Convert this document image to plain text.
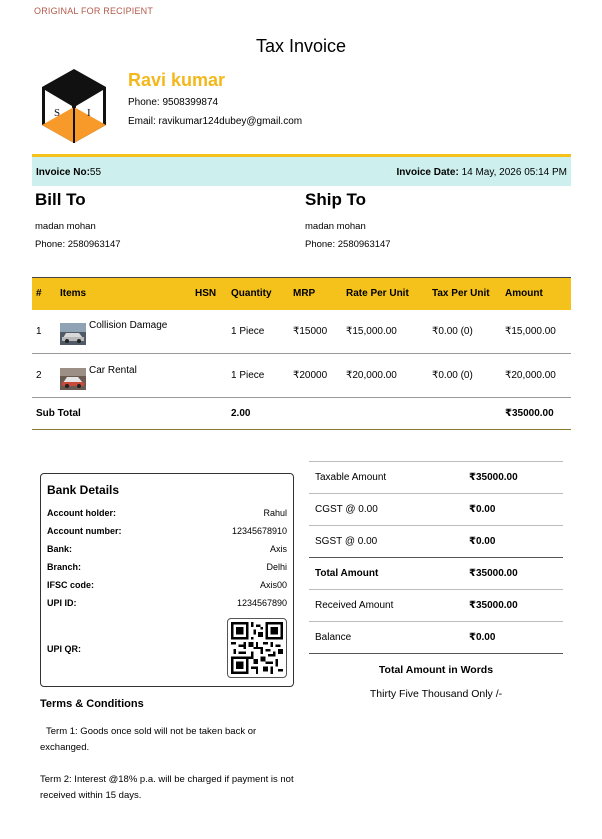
ORIGINAL FOR RECIPIENT
Tax Invoice
S I
Ravi kumar
Phone: 9508399874
Email: ravikumar124dubey@gmail.com
Invoice No:55	Invoice Date: 14 May, 2026 05:14 PM
Bill To
madan mohan
Phone: 2580963147
Ship To
madan mohan
Phone: 2580963147
#	Items	HSN	Quantity	MRP	Rate Per Unit	Tax Per Unit	Amount
1	Collision Damage		1 Piece	₹15000	₹15,000.00	₹0.00 (0)	₹15,000.00
2	Car Rental		1 Piece	₹20000	₹20,000.00	₹0.00 (0)	₹20,000.00
Sub Total			2.00				₹35000.00
Bank Details
Account holder:	Rahul
Account number:	12345678910
Bank:	Axis
Branch:	Delhi
IFSC code:	Axis00
UPI ID:	1234567890
UPI QR:
Terms & Conditions
Term 1: Goods once sold will not be taken back or exchanged.
Term 2: Interest @18% p.a. will be charged if payment is not received within 15 days.
Taxable Amount	₹35000.00
CGST @ 0.00	₹0.00
SGST @ 0.00	₹0.00
Total Amount	₹35000.00
Received Amount	₹35000.00
Balance	₹0.00
Total Amount in Words
Thirty Five Thousand Only /-
